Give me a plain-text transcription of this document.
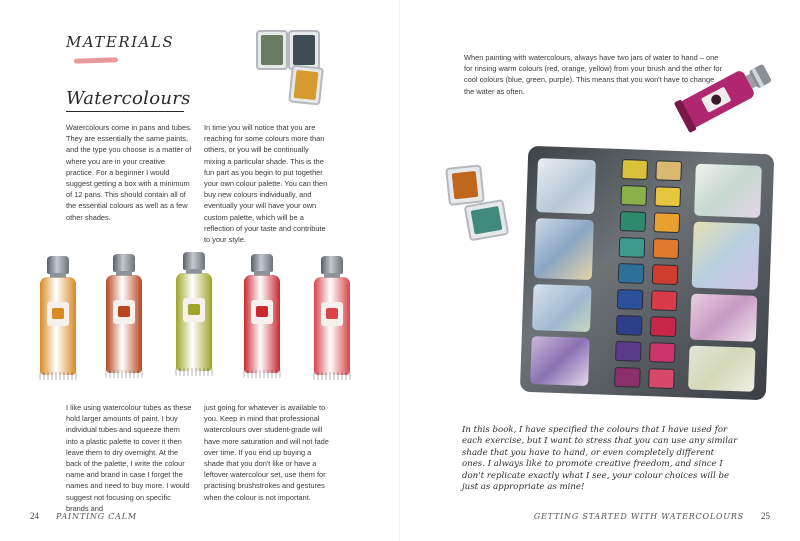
MATERIALS
Watercolours

Watercolours come in pans and tubes. They are essentially the same paints, and the type you choose is a matter of where you are in your creative practice. For a beginner I would suggest getting a box with a minimum of 12 pans. This should contain all of the essential colours as well as a few other shades.

In time you will notice that you are reaching for some colours more than others, or you will be continually mixing a particular shade. This is the fun part as you begin to put together your own colour palette. You can then buy new colours individually, and eventually your will have your own custom palette, which will be a reflection of your taste and contribute to your style.

I like using watercolour tubes as these hold larger amounts of paint. I buy individual tubes and squeeze them into a plastic palette to cover it then leave them to dry overnight. At the back of the palette, I write the colour name and brand in case I forget the names and need to buy more. I would suggest not focusing on specific brands and

just going for whatever is available to you. Keep in mind that professional watercolours over student-grade will have more saturation and will not fade over time. If you end up buying a shade that you don't like or have a leftover watercolour set, use them for practising brushstrokes and gestures when the colour is not important.

24 PAINTING CALM

When painting with watercolours, always have two jars of water to hand – one for rinsing warm colours (red, orange, yellow) from your brush and the other for cool colours (blue, green, purple). This means that you won't have to change the water as often.

In this book, I have specified the colours that I have used for each exercise, but I want to stress that you can use any similar shade that you have to hand, or even completely different ones. I always like to promote creative freedom, and since I don't replicate exactly what I see, your colour choices will be just as appropriate as mine!

GETTING STARTED WITH WATERCOLOURS 25
